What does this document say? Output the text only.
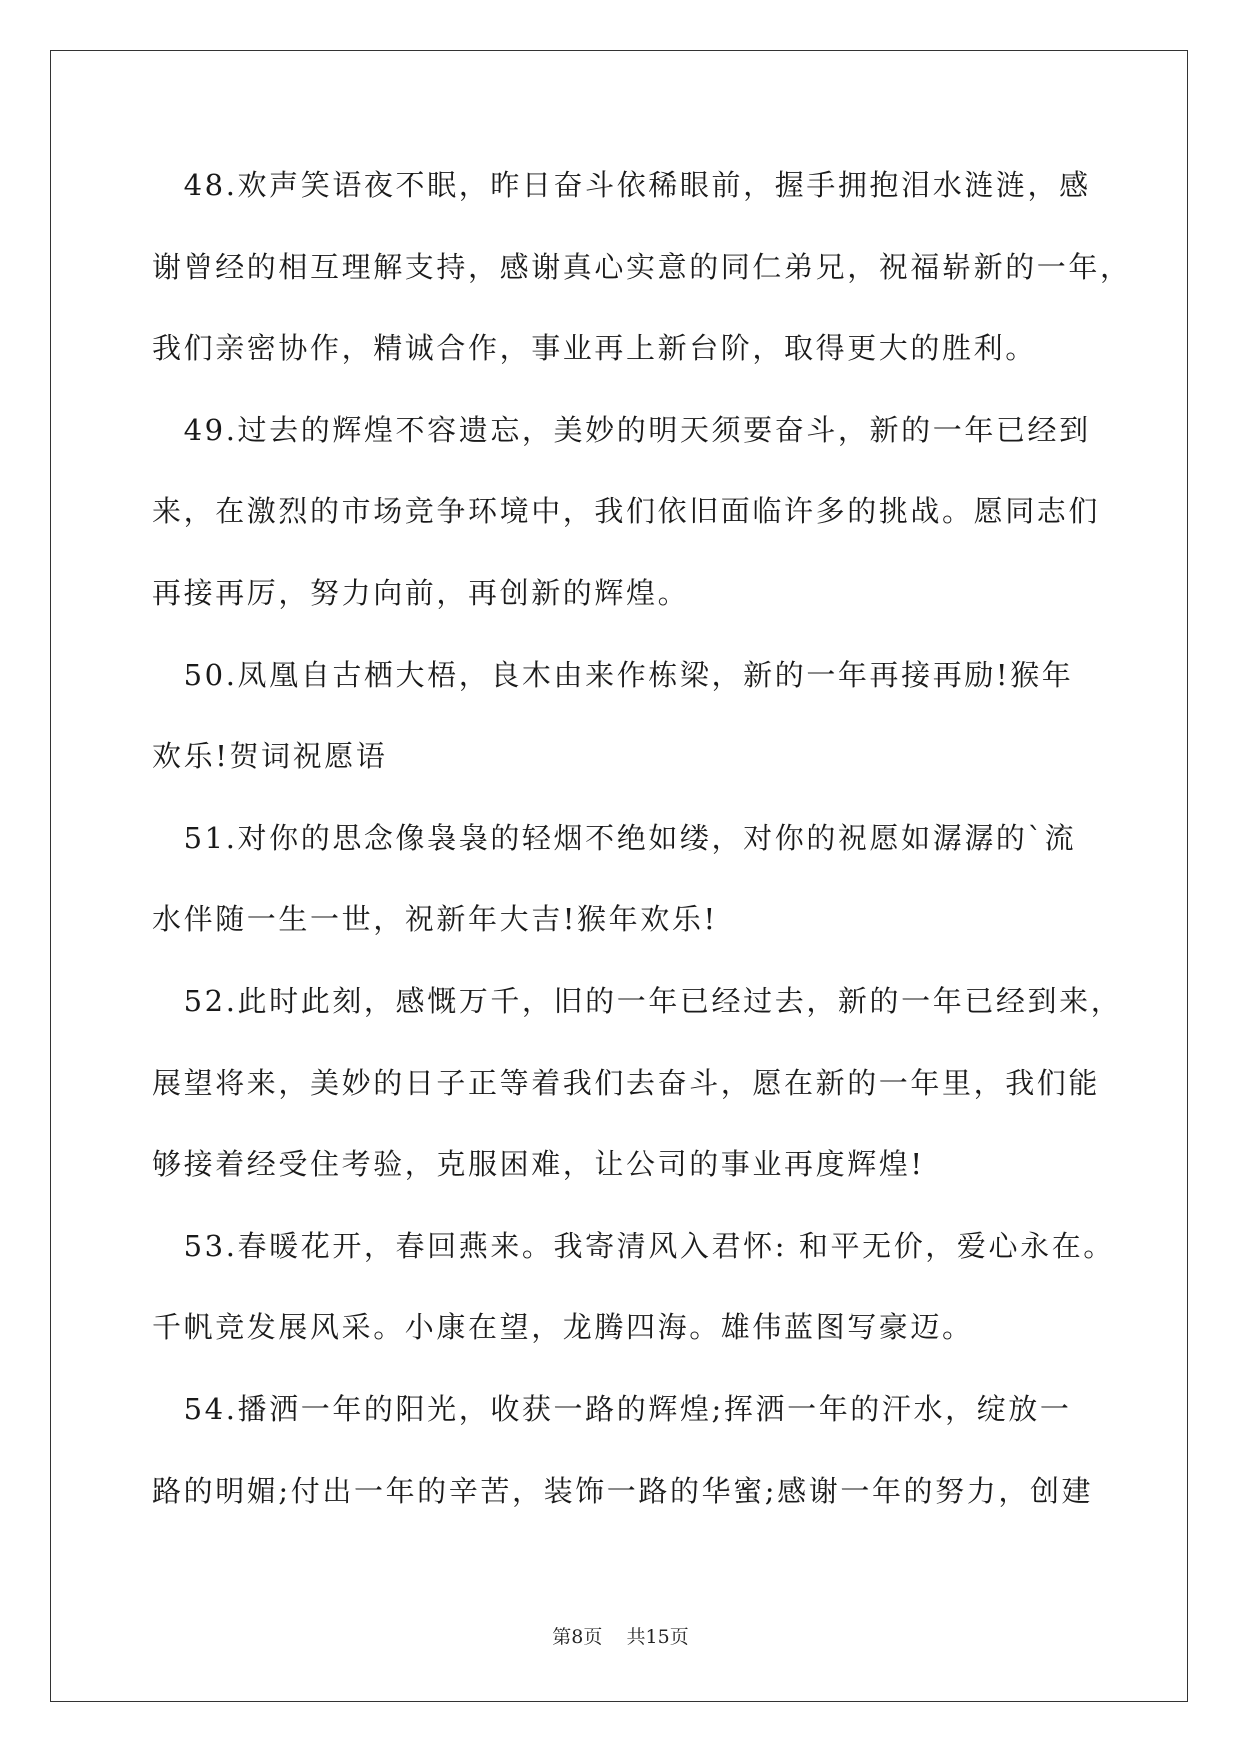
　48.欢声笑语夜不眠，昨日奋斗依稀眼前，握手拥抱泪水涟涟，感
谢曾经的相互理解支持，感谢真心实意的同仁弟兄，祝福崭新的一年，
我们亲密协作，精诚合作，事业再上新台阶，取得更大的胜利。
　49.过去的辉煌不容遗忘，美妙的明天须要奋斗，新的一年已经到
来，在激烈的市场竞争环境中，我们依旧面临许多的挑战。愿同志们
再接再厉，努力向前，再创新的辉煌。
　50.凤凰自古栖大梧，良木由来作栋梁，新的一年再接再励!猴年
欢乐!贺词祝愿语
　51.对你的思念像袅袅的轻烟不绝如缕，对你的祝愿如潺潺的`流
水伴随一生一世，祝新年大吉!猴年欢乐!
　52.此时此刻，感慨万千，旧的一年已经过去，新的一年已经到来，
展望将来，美妙的日子正等着我们去奋斗，愿在新的一年里，我们能
够接着经受住考验，克服困难，让公司的事业再度辉煌!
　53.春暖花开，春回燕来。我寄清风入君怀: 和平无价，爱心永在。
千帆竞发展风采。小康在望，龙腾四海。雄伟蓝图写豪迈。
　54.播洒一年的阳光，收获一路的辉煌;挥洒一年的汗水，绽放一
路的明媚;付出一年的辛苦，装饰一路的华蜜;感谢一年的努力，创建
第8页 共15页
